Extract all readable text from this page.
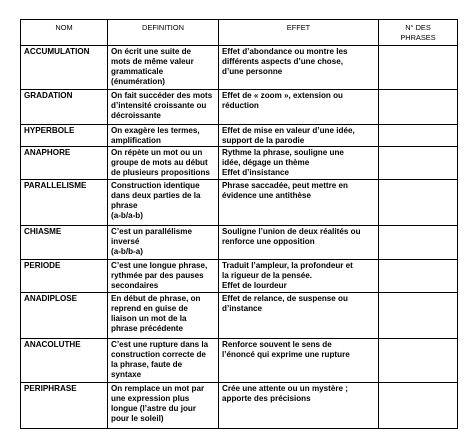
NOM	DEFINITION	EFFET	N° DES PHRASES

ACCUMULATION	On écrit une suite de
mots de même valeur
grammaticale
(énumération)	Effet d’abondance ou montre les
différents aspects d’une chose,
d’une personne	

GRADATION	On fait succéder des mots
d’intensité croissante ou
décroissante	Effet de « zoom », extension ou
réduction	

HYPERBOLE	On exagère les termes,
amplification	Effet de mise en valeur d’une idée,
support de la parodie	

ANAPHORE	On répète un mot ou un
groupe de mots au début
de plusieurs propositions	Rythme la phrase, souligne une
idée, dégage un thème
Effet d’insistance	

PARALLELISME	Construction identique
dans deux parties de la
phrase
(a-b/a-b)	Phrase saccadée, peut mettre en
évidence une antithèse	

CHIASME	C’est un parallélisme
inversé
(a-b/b-a)	Souligne l’union de deux réalités ou
renforce une opposition	

PERIODE	C’est une longue phrase,
rythmée par des pauses
secondaires	Traduit l’ampleur, la profondeur et
la rigueur de la pensée.
Effet de lourdeur	

ANADIPLOSE	En début de phrase, on
reprend en guise de
liaison un mot de la
phrase précédente	Effet de relance, de suspense ou
d’instance	

ANACOLUTHE	C’est une rupture dans la
construction correcte de
la phrase, faute de
syntaxe	Renforce souvent le sens de
l’énoncé qui exprime une rupture	

PERIPHRASE	On remplace un mot par
une expression plus
longue (l’astre du jour
pour le soleil)	Crée une attente ou un mystère ;
apporte des précisions	
